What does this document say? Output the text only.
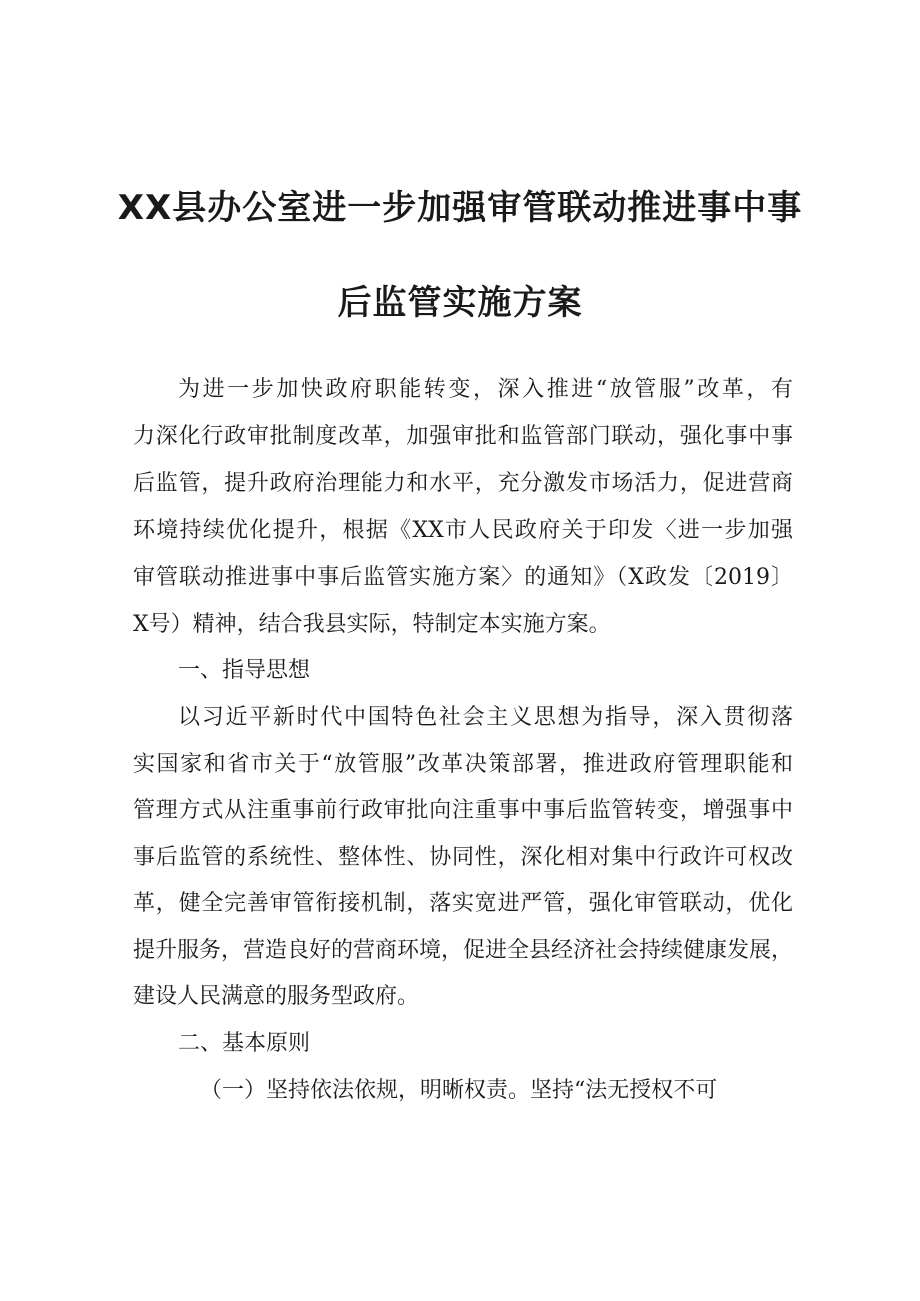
XX县办公室进一步加强审管联动推进事中事
后监管实施方案
为进一步加快政府职能转变，深入推进“放管服”改革，有
力深化行政审批制度改革，加强审批和监管部门联动，强化事中事
后监管，提升政府治理能力和水平，充分激发市场活力，促进营商
环境持续优化提升，根据《XX市人民政府关于印发〈进一步加强
审管联动推进事中事后监管实施方案〉的通知》（X政发〔2019〕
X号）精神，结合我县实际，特制定本实施方案。
一、指导思想
以习近平新时代中国特色社会主义思想为指导，深入贯彻落
实国家和省市关于“放管服”改革决策部署，推进政府管理职能和
管理方式从注重事前行政审批向注重事中事后监管转变，增强事中
事后监管的系统性、整体性、协同性，深化相对集中行政许可权改
革，健全完善审管衔接机制，落实宽进严管，强化审管联动，优化
提升服务，营造良好的营商环境，促进全县经济社会持续健康发展，
建设人民满意的服务型政府。
二、基本原则
（一）坚持依法依规，明晰权责。坚持“法无授权不可
